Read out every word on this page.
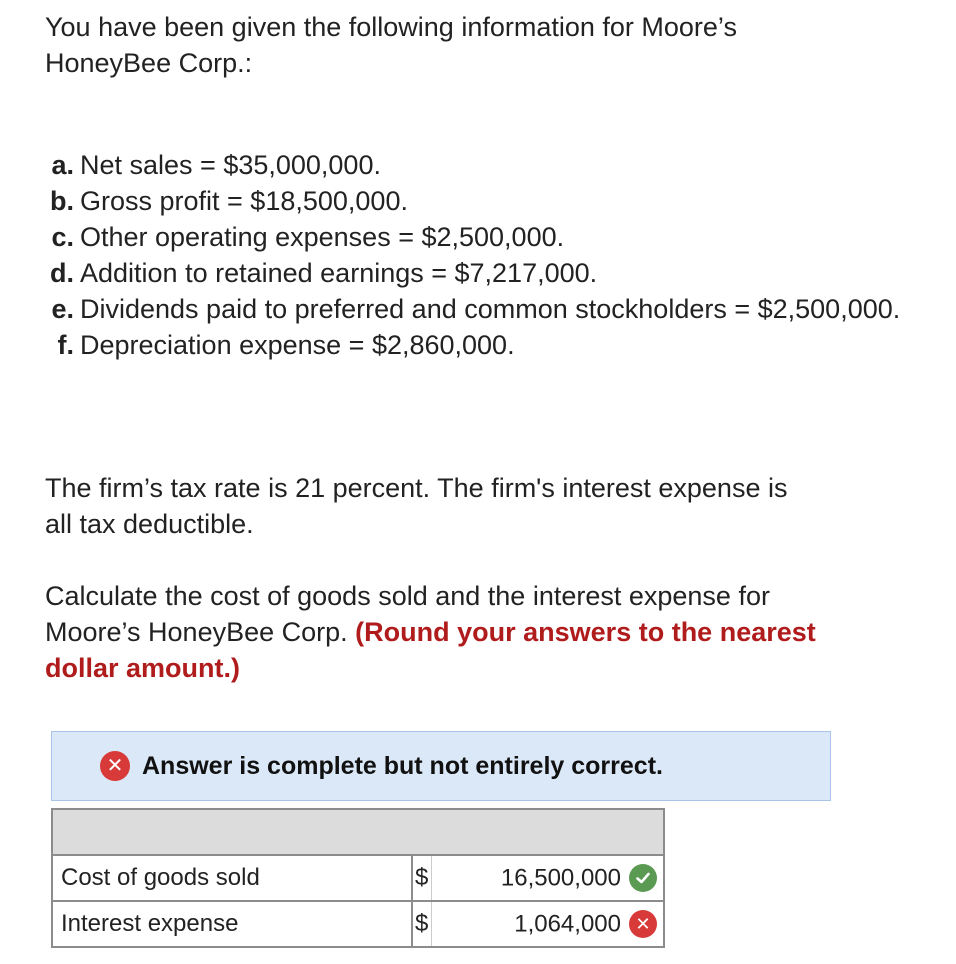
You have been given the following information for Moore’s

HoneyBee Corp.:

a. Net sales = $35,000,000.
b. Gross profit = $18,500,000.
c. Other operating expenses = $2,500,000.
d. Addition to retained earnings = $7,217,000.
e. Dividends paid to preferred and common stockholders = $2,500,000.
f. Depreciation expense = $2,860,000.

The firm’s tax rate is 21 percent. The firm's interest expense is

all tax deductible.

Calculate the cost of goods sold and the interest expense for

Moore’s HoneyBee Corp. (Round your answers to the nearest

dollar amount.)

✕ Answer is complete but not entirely correct.

Cost of goods sold	$	16,500,000

Interest expense	$	1,064,000 ✕
